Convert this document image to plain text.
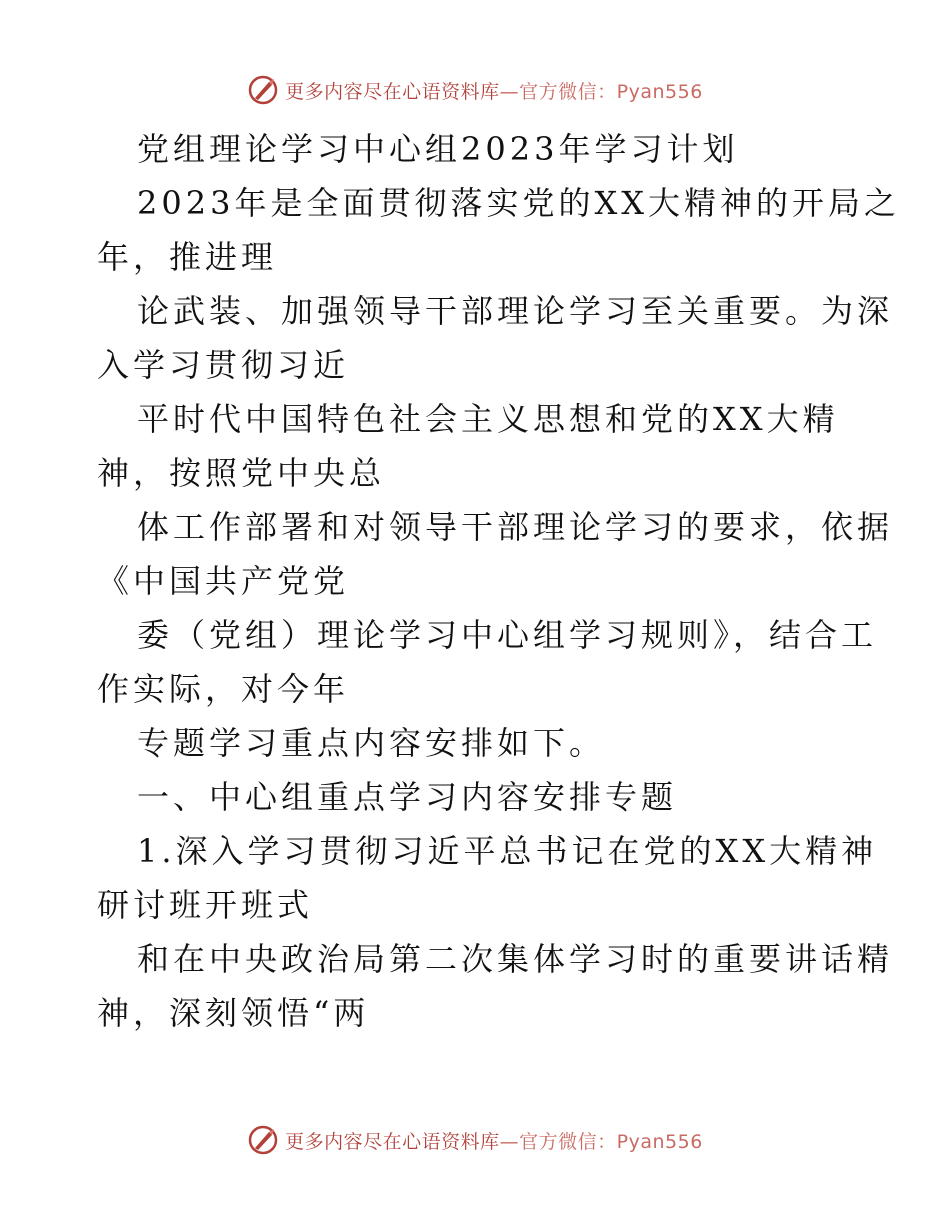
更多内容尽在心语资料库—官方微信：Pyan556
党组理论学习中心组2023年学习计划
2023年是全面贯彻落实党的XX大精神的开局之
年，推进理
论武装、加强领导干部理论学习至关重要。为深
入学习贯彻习近
平时代中国特色社会主义思想和党的XX大精
神，按照党中央总
体工作部署和对领导干部理论学习的要求，依据
《中国共产党党
委（党组）理论学习中心组学习规则》，结合工
作实际，对今年
专题学习重点内容安排如下。
一、中心组重点学习内容安排专题
1.深入学习贯彻习近平总书记在党的XX大精神
研讨班开班式
和在中央政治局第二次集体学习时的重要讲话精
神，深刻领悟“两
更多内容尽在心语资料库—官方微信：Pyan556
